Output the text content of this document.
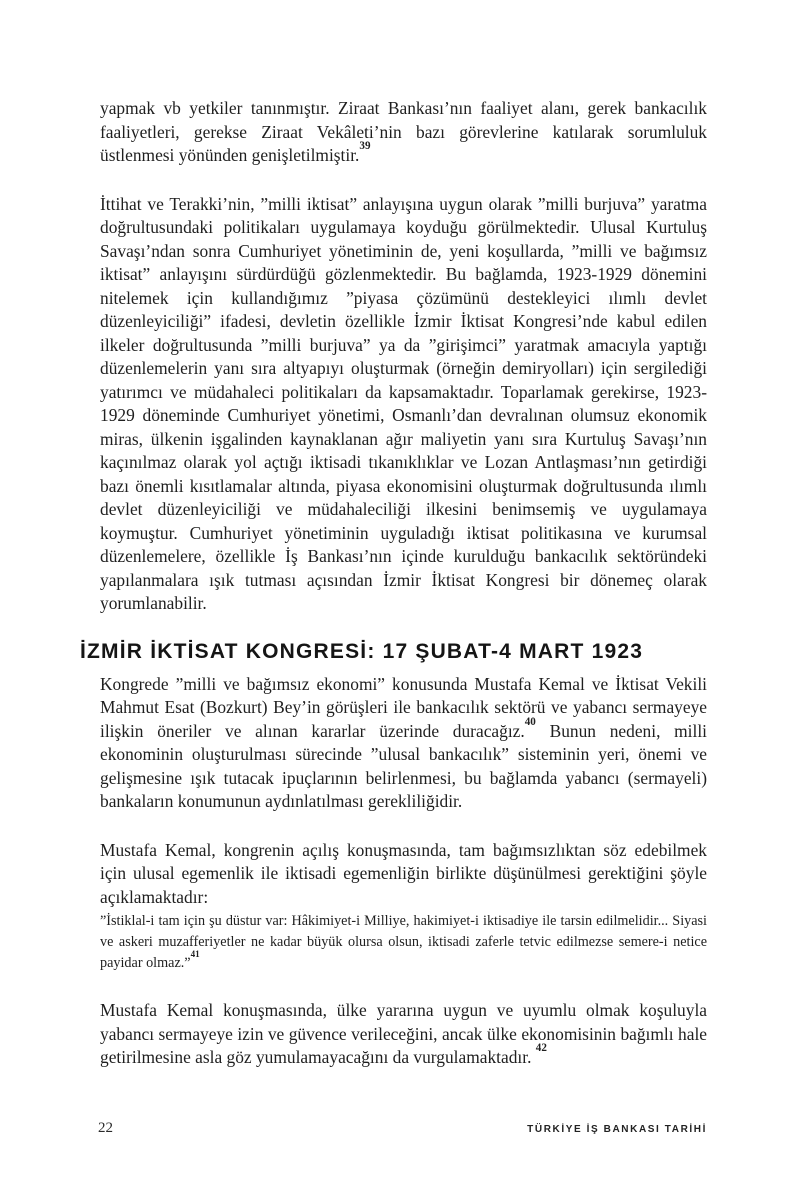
yapmak vb yetkiler tanınmıştır. Ziraat Bankası’nın faaliyet alanı, gerek bankacılık faaliyetleri, gerekse Ziraat Vekâleti’nin bazı görevlerine katılarak sorumluluk üstlenmesi yönünden genişletilmiştir.$^{39}$

İttihat ve Terakki’nin, ”milli iktisat” anlayışına uygun olarak ”milli burjuva” yaratma doğrultusundaki politikaları uygulamaya koyduğu görülmektedir. Ulusal Kurtuluş Savaşı’ndan sonra Cumhuriyet yönetiminin de, yeni koşullarda, ”milli ve bağımsız iktisat” anlayışını sürdürdüğü gözlenmektedir. Bu bağlamda, 1923-1929 dönemini nitelemek için kullandığımız ”piyasa çözümünü destekleyici ılımlı devlet düzenleyiciliği” ifadesi, devletin özellikle İzmir İktisat Kongresi’nde kabul edilen ilkeler doğrultusunda ”milli burjuva” ya da ”girişimci” yaratmak amacıyla yaptığı düzenlemelerin yanı sıra altyapıyı oluşturmak (örneğin demiryolları) için sergilediği yatırımcı ve müdahaleci politikaları da kapsamaktadır. Toparlamak gerekirse, 1923-1929 döneminde Cumhuriyet yönetimi, Osmanlı’dan devralınan olumsuz ekonomik miras, ülkenin işgalinden kaynaklanan ağır maliyetin yanı sıra Kurtuluş Savaşı’nın kaçınılmaz olarak yol açtığı iktisadi tıkanıklıklar ve Lozan Antlaşması’nın getirdiği bazı önemli kısıtlamalar altında, piyasa ekonomisini oluşturmak doğrultusunda ılımlı devlet düzenleyiciliği ve müdahaleciliği ilkesini benimsemiş ve uygulamaya koymuştur. Cumhuriyet yönetiminin uyguladığı iktisat politikasına ve kurumsal düzenlemelere, özellikle İş Bankası’nın içinde kurulduğu bankacılık sektöründeki yapılanmalara ışık tutması açısından İzmir İktisat Kongresi bir dönemeç olarak yorumlanabilir.

İZMİR İKTİSAT KONGRESİ: 17 ŞUBAT-4 MART 1923

Kongrede ”milli ve bağımsız ekonomi” konusunda Mustafa Kemal ve İktisat Vekili Mahmut Esat (Bozkurt) Bey’in görüşleri ile bankacılık sektörü ve yabancı sermayeye ilişkin öneriler ve alınan kararlar üzerinde duracağız.$^{40}$ Bunun nedeni, milli ekonominin oluşturulması sürecinde ”ulusal bankacılık” sisteminin yeri, önemi ve gelişmesine ışık tutacak ipuçlarının belirlenmesi, bu bağlamda yabancı (sermayeli) bankaların konumunun aydınlatılması gerekliliğidir.

Mustafa Kemal, kongrenin açılış konuşmasında, tam bağımsızlıktan söz edebilmek için ulusal egemenlik ile iktisadi egemenliğin birlikte düşünülmesi gerektiğini şöyle açıklamaktadır:

”İstiklal-i tam için şu düstur var: Hâkimiyet-i Milliye, hakimiyet-i iktisadiye ile tarsin edilmelidir... Siyasi ve askeri muzafferiyetler ne kadar büyük olursa olsun, iktisadi zaferle tetvic edilmezse semere-i netice payidar olmaz.”$^{41}$

Mustafa Kemal konuşmasında, ülke yararına uygun ve uyumlu olmak koşuluyla yabancı sermayeye izin ve güvence verileceğini, ancak ülke ekonomisinin bağımlı hale getirilmesine asla göz yumulamayacağını da vurgulamaktadır. $^{42}$

22	TÜRKİYE İŞ BANKASI TARİHİ
